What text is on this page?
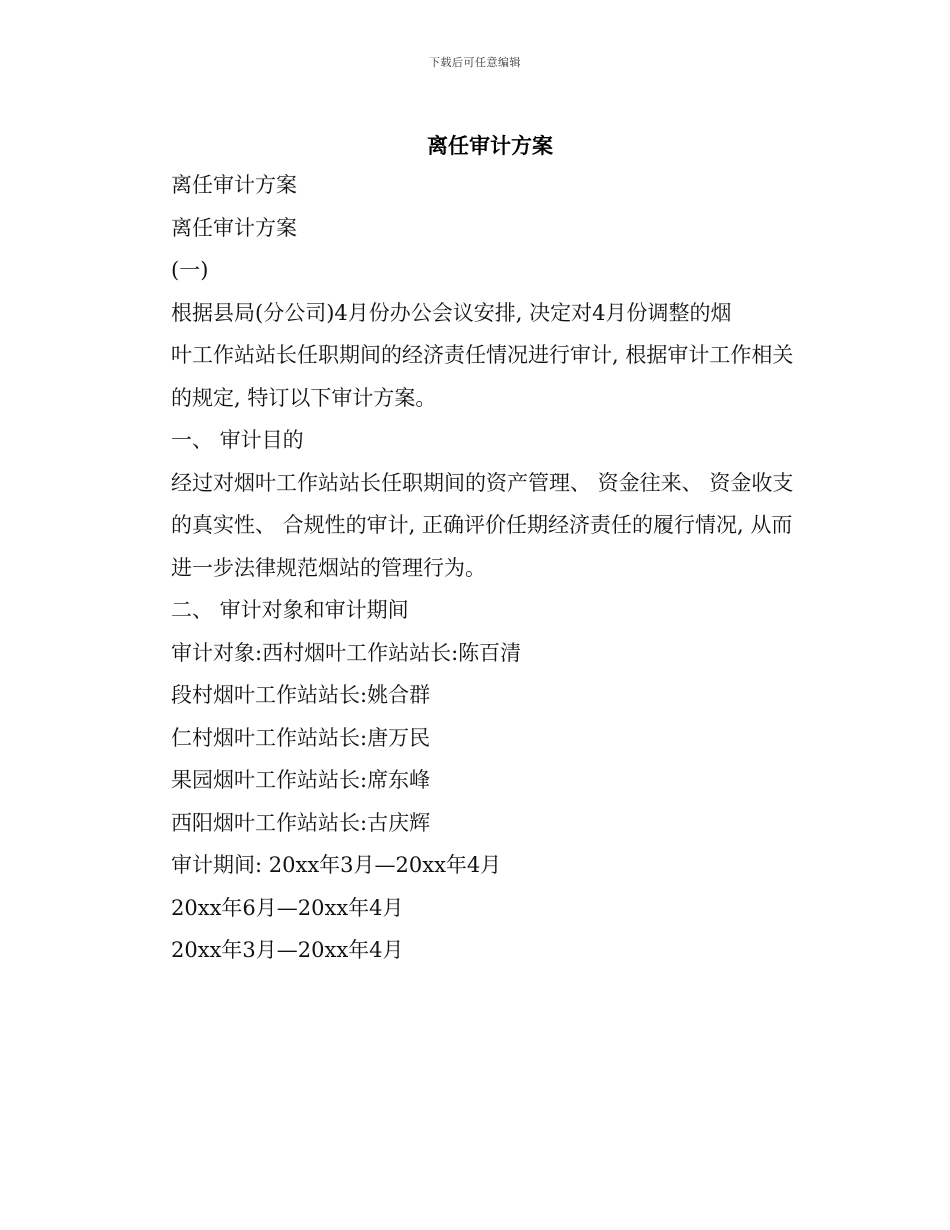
下载后可任意编辑
离任审计方案

离任审计方案

离任审计方案

(一)

根据县局(分公司)4月份办公会议安排, 决定对4月份调整的烟

叶工作站站长任职期间的经济责任情况进行审计, 根据审计工作相关

的规定, 特订以下审计方案。

一、 审计目的

经过对烟叶工作站站长任职期间的资产管理、 资金往来、 资金收支

的真实性、 合规性的审计, 正确评价任期经济责任的履行情况, 从而

进一步法律规范烟站的管理行为。

二、 审计对象和审计期间

审计对象:西村烟叶工作站站长:陈百清

段村烟叶工作站站长:姚合群

仁村烟叶工作站站长:唐万民

果园烟叶工作站站长:席东峰

西阳烟叶工作站站长:古庆辉

审计期间: 20xx年3月—20xx年4月

20xx年6月—20xx年4月

20xx年3月—20xx年4月
